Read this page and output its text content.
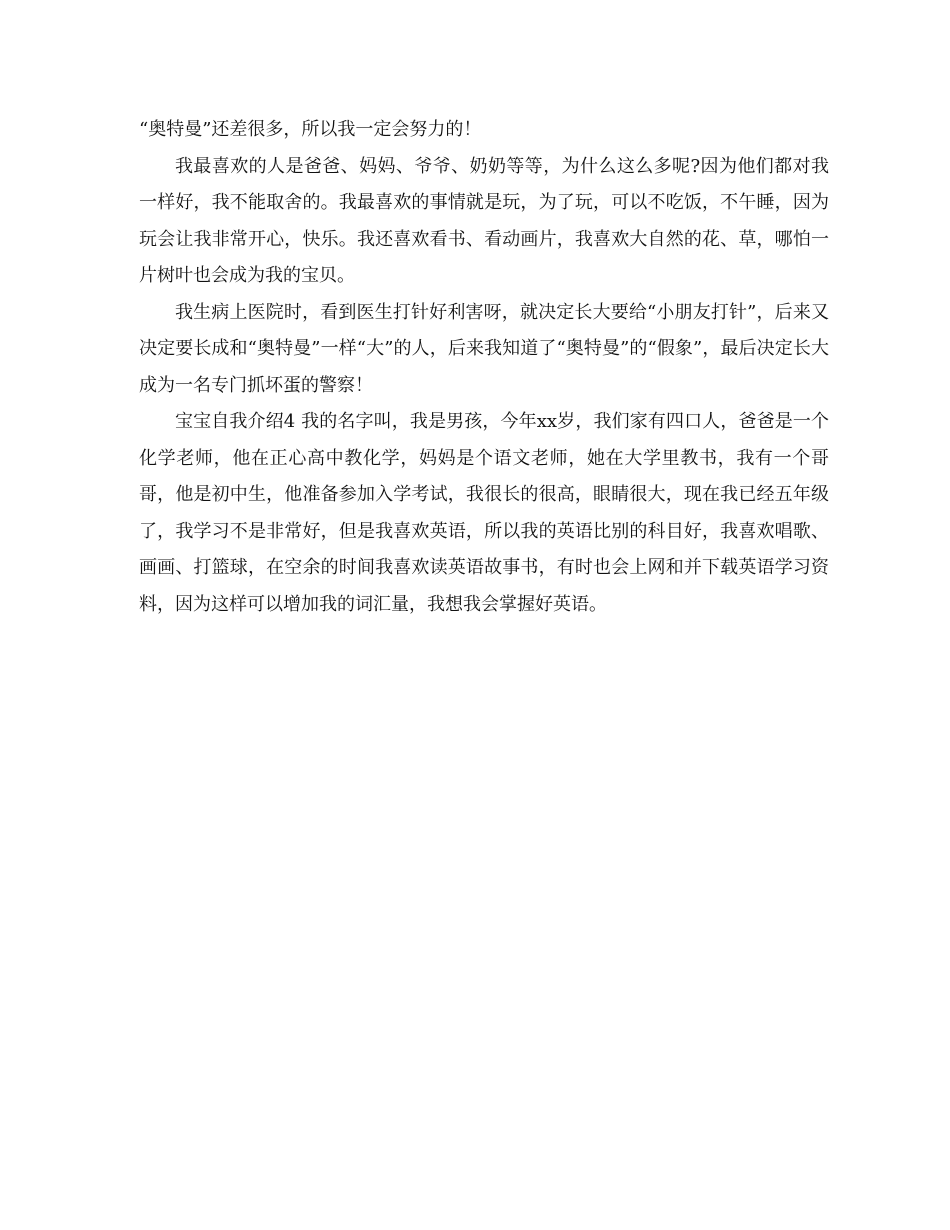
“奥特曼”还差很多，所以我一定会努力的！

我最喜欢的人是爸爸、妈妈、爷爷、奶奶等等，为什么这么多呢?因为他们都对我一样好，我不能取舍的。我最喜欢的事情就是玩，为了玩，可以不吃饭，不午睡，因为玩会让我非常开心，快乐。我还喜欢看书、看动画片，我喜欢大自然的花、草，哪怕一片树叶也会成为我的宝贝。

我生病上医院时，看到医生打针好利害呀，就决定长大要给“小朋友打针”，后来又决定要长成和“奥特曼”一样“大”的人，后来我知道了“奥特曼”的“假象”，最后决定长大成为一名专门抓坏蛋的警察！

宝宝自我介绍4 我的名字叫，我是男孩，今年xx岁，我们家有四口人，爸爸是一个化学老师，他在正心高中教化学，妈妈是个语文老师，她在大学里教书，我有一个哥哥，他是初中生，他准备参加入学考试，我很长的很高，眼睛很大，现在我已经五年级了，我学习不是非常好，但是我喜欢英语，所以我的英语比别的科目好，我喜欢唱歌、画画、打篮球，在空余的时间我喜欢读英语故事书，有时也会上网和并下载英语学习资料，因为这样可以增加我的词汇量，我想我会掌握好英语。
